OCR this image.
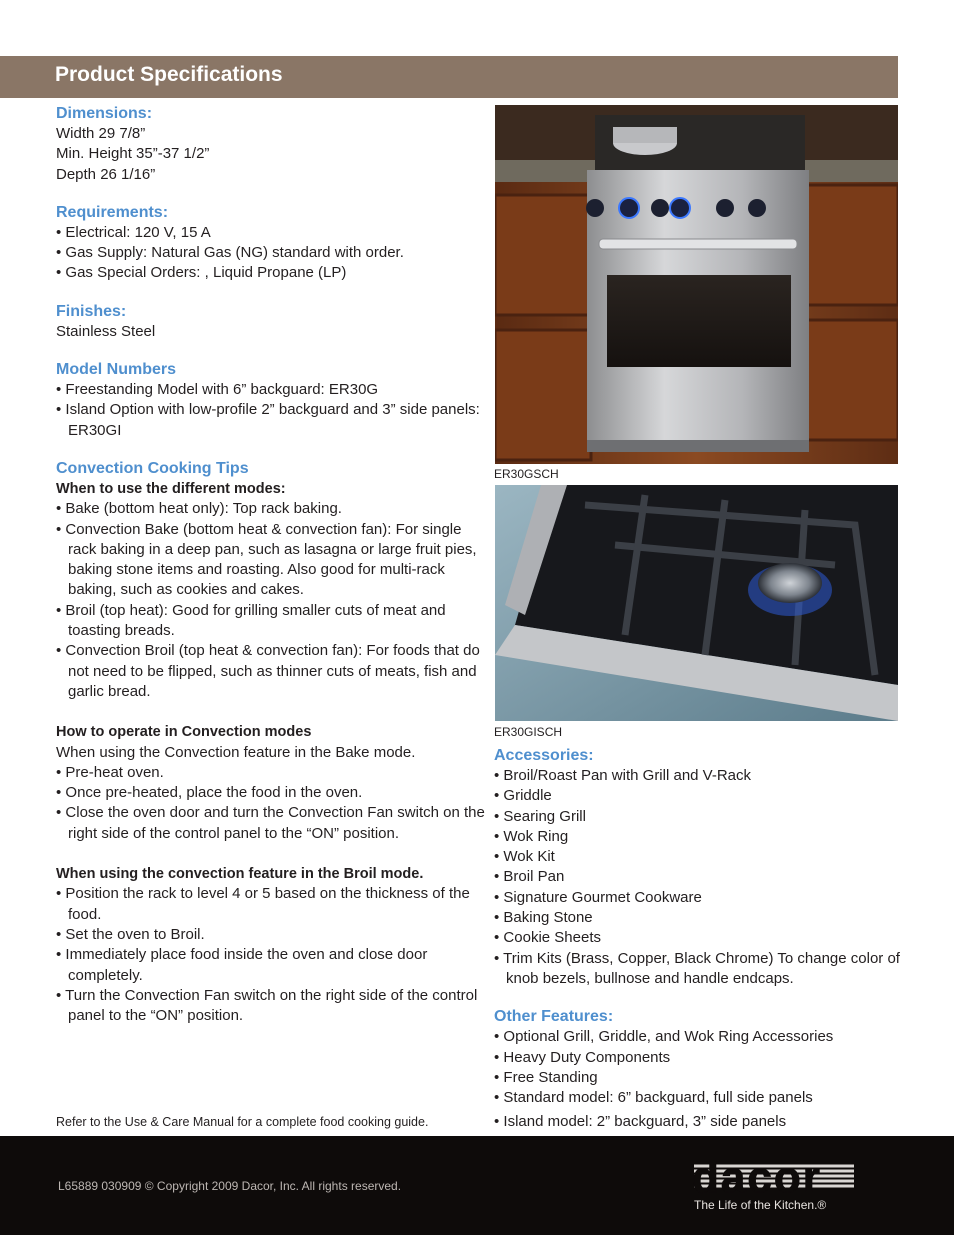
Product Specifications
Dimensions:
Width 29 7/8”
Min. Height 35”-37 1/2”
Depth 26 1/16”
Requirements:
• Electrical: 120 V, 15 A
• Gas Supply: Natural Gas (NG) standard with order.
• Gas Special Orders: , Liquid Propane (LP)
Finishes:
Stainless Steel
Model Numbers
• Freestanding Model with 6” backguard: ER30G
• Island Option with low-profile 2” backguard and 3” side panels: ER30GI
Convection Cooking Tips

When to use the different modes:

• Bake (bottom heat only): Top rack baking.
• Convection Bake (bottom heat & convection fan): For single rack baking in a deep pan, such as lasagna or large fruit pies, baking stone items and roasting. Also good for multi-rack baking, such as cookies and cakes.
• Broil (top heat): Good for grilling smaller cuts of meat and toasting breads.
• Convection Broil (top heat & convection fan): For foods that do not need to be flipped, such as thinner cuts of meats, fish and garlic bread.

How to operate in Convection modes

When using the Convection feature in the Bake mode.
• Pre-heat oven.
• Once pre-heated, place the food in the oven.
• Close the oven door and turn the Convection Fan switch on the right side of the control panel to the “ON” position.

When using the convection feature in the Broil mode.

• Position the rack to level 4 or 5 based on the thickness of the food.
• Set the oven to Broil.
• Immediately place food inside the oven and close door completely.
• Turn the Convection Fan switch on the right side of the control panel to the “ON” position.
Refer to the Use & Care Manual for a complete food cooking guide.
ER30GSCH
ER30GISCH
Accessories:
• Broil/Roast Pan with Grill and V-Rack
• Griddle
• Searing Grill
• Wok Ring
• Wok Kit
• Broil Pan
• Signature Gourmet Cookware
• Baking Stone
• Cookie Sheets
• Trim Kits (Brass, Copper, Black Chrome) To change color of knob bezels, bullnose and handle endcaps.
Other Features:
• Optional Grill, Griddle, and Wok Ring Accessories
• Heavy Duty Components
• Free Standing
• Standard model: 6” backguard, full side panels
• Island model: 2” backguard, 3” side panels
L65889 030909 © Copyright 2009 Dacor, Inc. All rights reserved.	dacor
The Life of the Kitchen.®
